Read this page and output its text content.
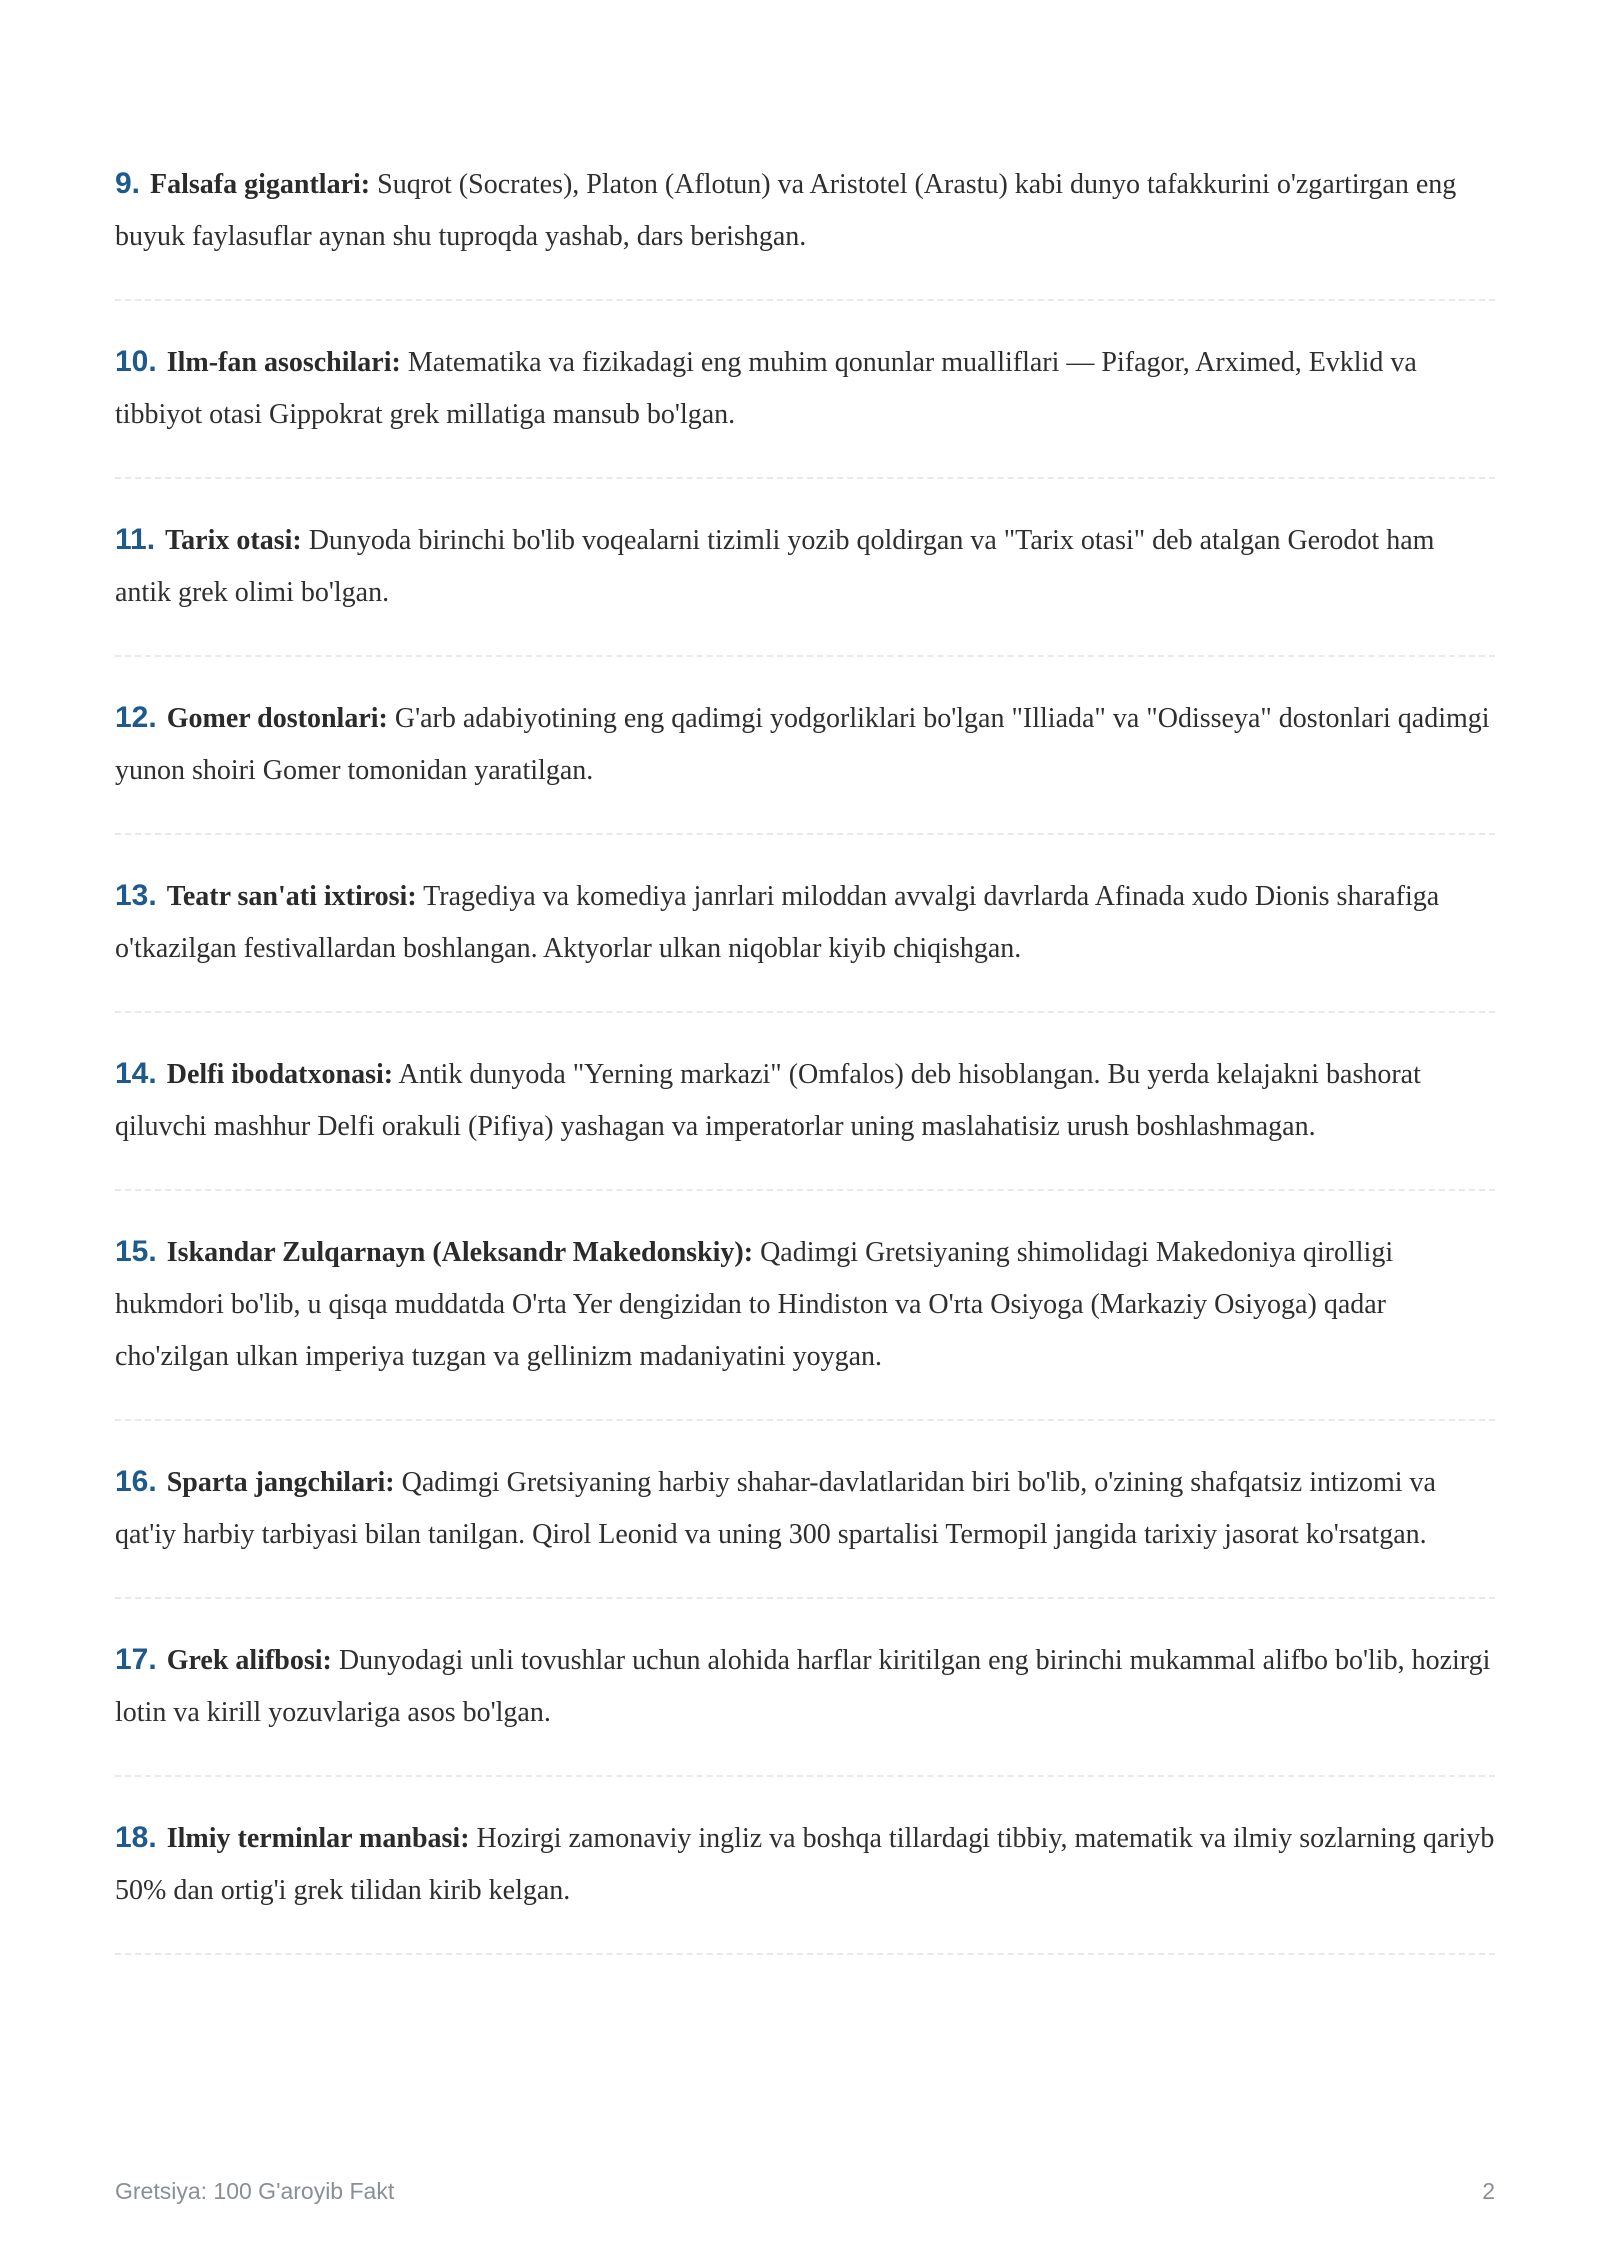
9. Falsafa gigantlari: Suqrot (Socrates), Platon (Aflotun) va Aristotel (Arastu) kabi dunyo tafakkurini o'zgartirgan eng buyuk faylasuflar aynan shu tuproqda yashab, dars berishgan.

10. Ilm-fan asoschilari: Matematika va fizikadagi eng muhim qonunlar mualliflari — Pifagor, Arximed, Evklid va tibbiyot otasi Gippokrat grek millatiga mansub bo'lgan.

11. Tarix otasi: Dunyoda birinchi bo'lib voqealarni tizimli yozib qoldirgan va "Tarix otasi" deb atalgan Gerodot ham antik grek olimi bo'lgan.

12. Gomer dostonlari: G'arb adabiyotining eng qadimgi yodgorliklari bo'lgan "Illiada" va "Odisseya" dostonlari qadimgi yunon shoiri Gomer tomonidan yaratilgan.

13. Teatr san'ati ixtirosi: Tragediya va komediya janrlari miloddan avvalgi davrlarda Afinada xudo Dionis sharafiga o'tkazilgan festivallardan boshlangan. Aktyorlar ulkan niqoblar kiyib chiqishgan.

14. Delfi ibodatxonasi: Antik dunyoda "Yerning markazi" (Omfalos) deb hisoblangan. Bu yerda kelajakni bashorat qiluvchi mashhur Delfi orakuli (Pifiya) yashagan va imperatorlar uning maslahatisiz urush boshlashmagan.

15. Iskandar Zulqarnayn (Aleksandr Makedonskiy): Qadimgi Gretsiyaning shimolidagi Makedoniya qirolligi hukmdori bo'lib, u qisqa muddatda O'rta Yer dengizidan to Hindiston va O'rta Osiyoga (Markaziy Osiyoga) qadar cho'zilgan ulkan imperiya tuzgan va gellinizm madaniyatini yoygan.

16. Sparta jangchilari: Qadimgi Gretsiyaning harbiy shahar-davlatlaridan biri bo'lib, o'zining shafqatsiz intizomi va qat'iy harbiy tarbiyasi bilan tanilgan. Qirol Leonid va uning 300 spartalisi Termopil jangida tarixiy jasorat ko'rsatgan.

17. Grek alifbosi: Dunyodagi unli tovushlar uchun alohida harflar kiritilgan eng birinchi mukammal alifbo bo'lib, hozirgi lotin va kirill yozuvlariga asos bo'lgan.

18. Ilmiy terminlar manbasi: Hozirgi zamonaviy ingliz va boshqa tillardagi tibbiy, matematik va ilmiy sozlarning qariyb 50% dan ortig'i grek tilidan kirib kelgan.

Gretsiya: 100 G'aroyib Fakt	2
